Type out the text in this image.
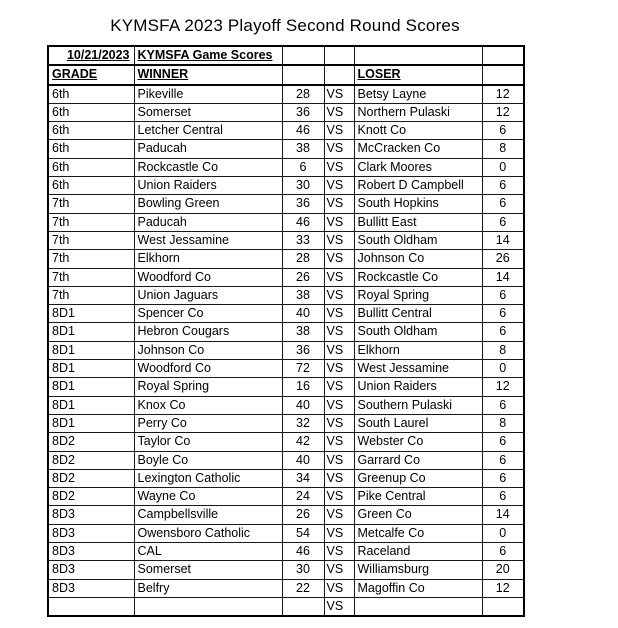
KYMSFA 2023 Playoff Second Round Scores
10/21/2023	KYMSFA Game Scores				
GRADE	WINNER			LOSER	
6th	Pikeville	28	VS	Betsy Layne	12
6th	Somerset	36	VS	Northern Pulaski	12
6th	Letcher Central	46	VS	Knott Co	6
6th	Paducah	38	VS	McCracken Co	8
6th	Rockcastle Co	6	VS	Clark Moores	0
6th	Union Raiders	30	VS	Robert D Campbell	6
7th	Bowling Green	36	VS	South Hopkins	6
7th	Paducah	46	VS	Bullitt East	6
7th	West Jessamine	33	VS	South Oldham	14
7th	Elkhorn	28	VS	Johnson Co	26
7th	Woodford Co	26	VS	Rockcastle Co	14
7th	Union Jaguars	38	VS	Royal Spring	6
8D1	Spencer Co	40	VS	Bullitt Central	6
8D1	Hebron Cougars	38	VS	South Oldham	6
8D1	Johnson Co	36	VS	Elkhorn	8
8D1	Woodford Co	72	VS	West Jessamine	0
8D1	Royal Spring	16	VS	Union Raiders	12
8D1	Knox Co	40	VS	Southern Pulaski	6
8D1	Perry Co	32	VS	South Laurel	8
8D2	Taylor Co	42	VS	Webster Co	6
8D2	Boyle Co	40	VS	Garrard Co	6
8D2	Lexington Catholic	34	VS	Greenup Co	6
8D2	Wayne Co	24	VS	Pike Central	6
8D3	Campbellsville	26	VS	Green Co	14
8D3	Owensboro Catholic	54	VS	Metcalfe Co	0
8D3	CAL	46	VS	Raceland	6
8D3	Somerset	30	VS	Williamsburg	20
8D3	Belfry	22	VS	Magoffin Co	12
			VS		
